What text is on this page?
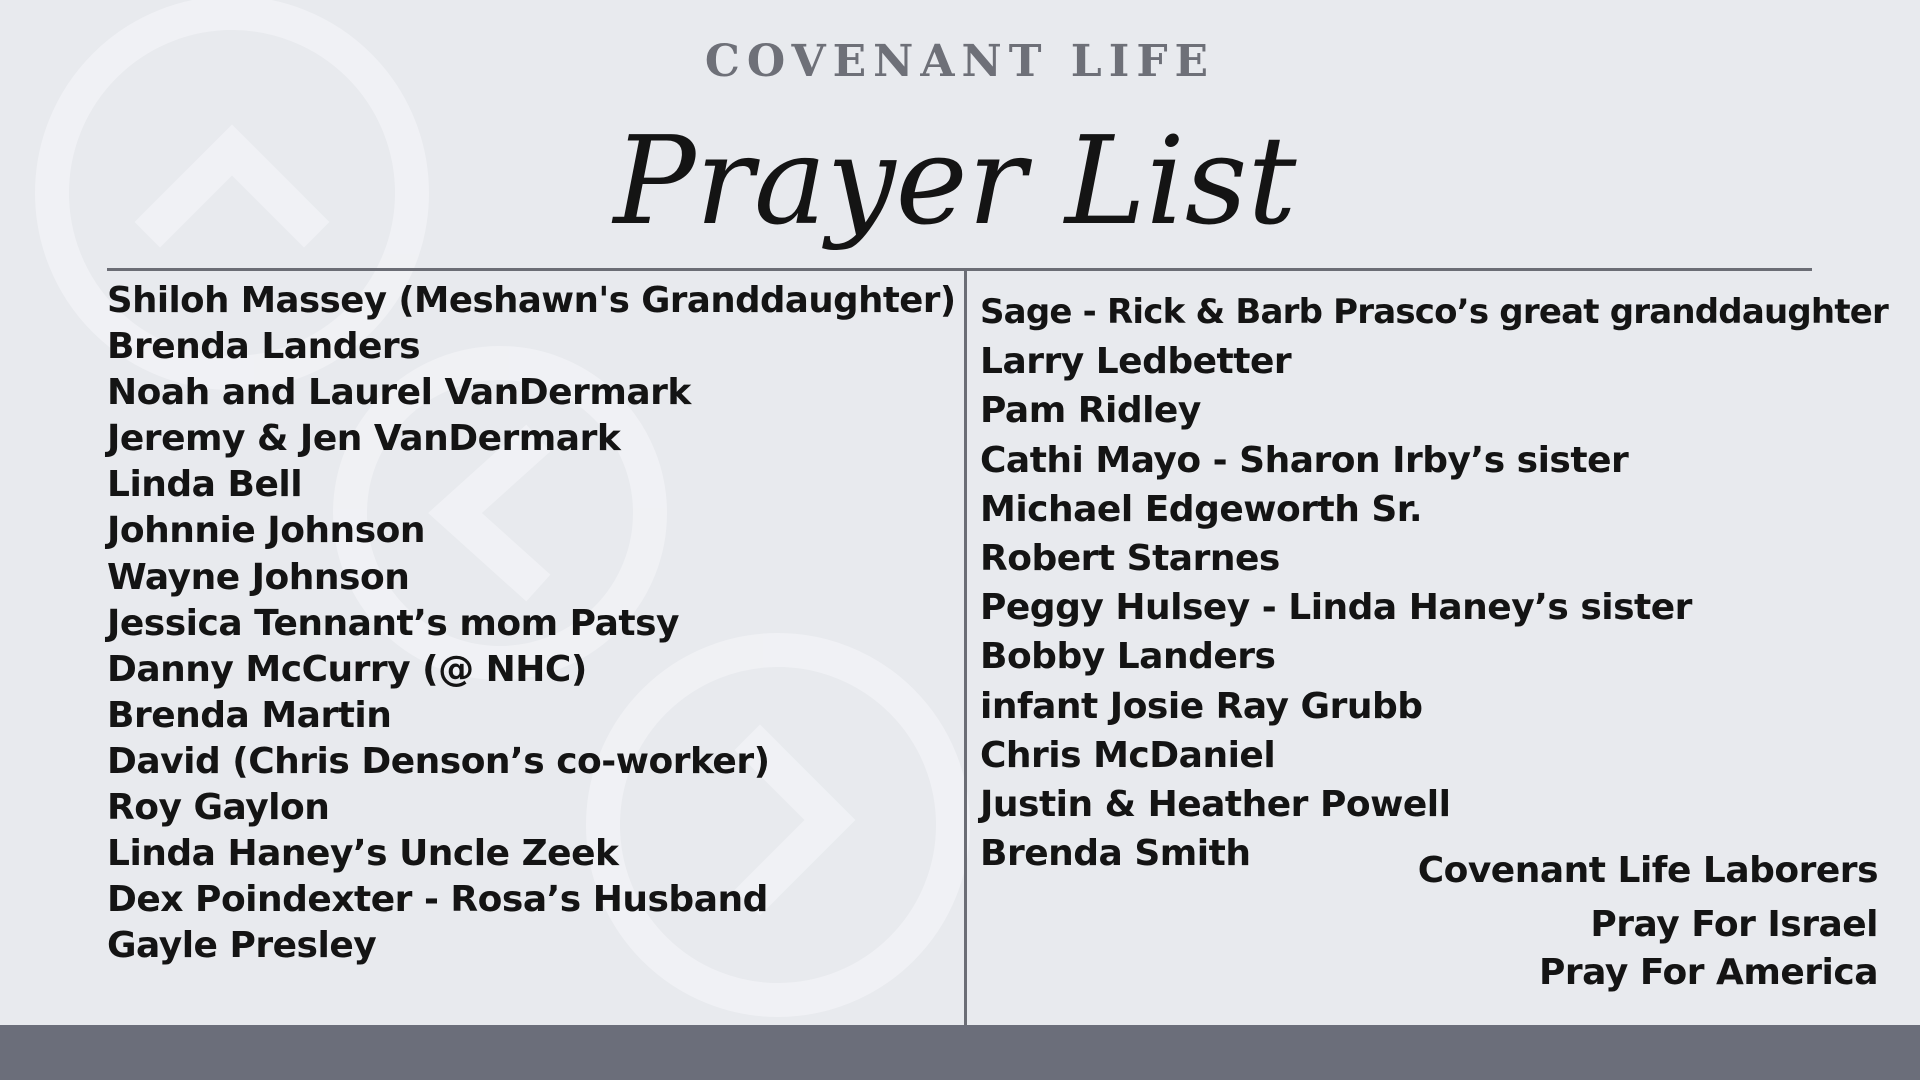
COVENANT LIFE
Prayer List
Shiloh Massey (Meshawn's Granddaughter)
Brenda Landers
Noah and Laurel VanDermark
Jeremy & Jen VanDermark
Linda Bell
Johnnie Johnson
Wayne Johnson
Jessica Tennant’s mom Patsy
Danny McCurry (@ NHC)
Brenda Martin
David (Chris Denson’s co-worker)
Roy Gaylon
Linda Haney’s Uncle Zeek
Dex Poindexter - Rosa’s Husband
Gayle Presley
Sage - Rick & Barb Prasco’s great granddaughter
Larry Ledbetter
Pam Ridley
Cathi Mayo - Sharon Irby’s sister
Michael Edgeworth Sr.
Robert Starnes
Peggy Hulsey - Linda Haney’s sister
Bobby Landers
infant Josie Ray Grubb
Chris McDaniel
Justin & Heather Powell
Brenda Smith	Covenant Life Laborers
Pray For Israel
Pray For America
